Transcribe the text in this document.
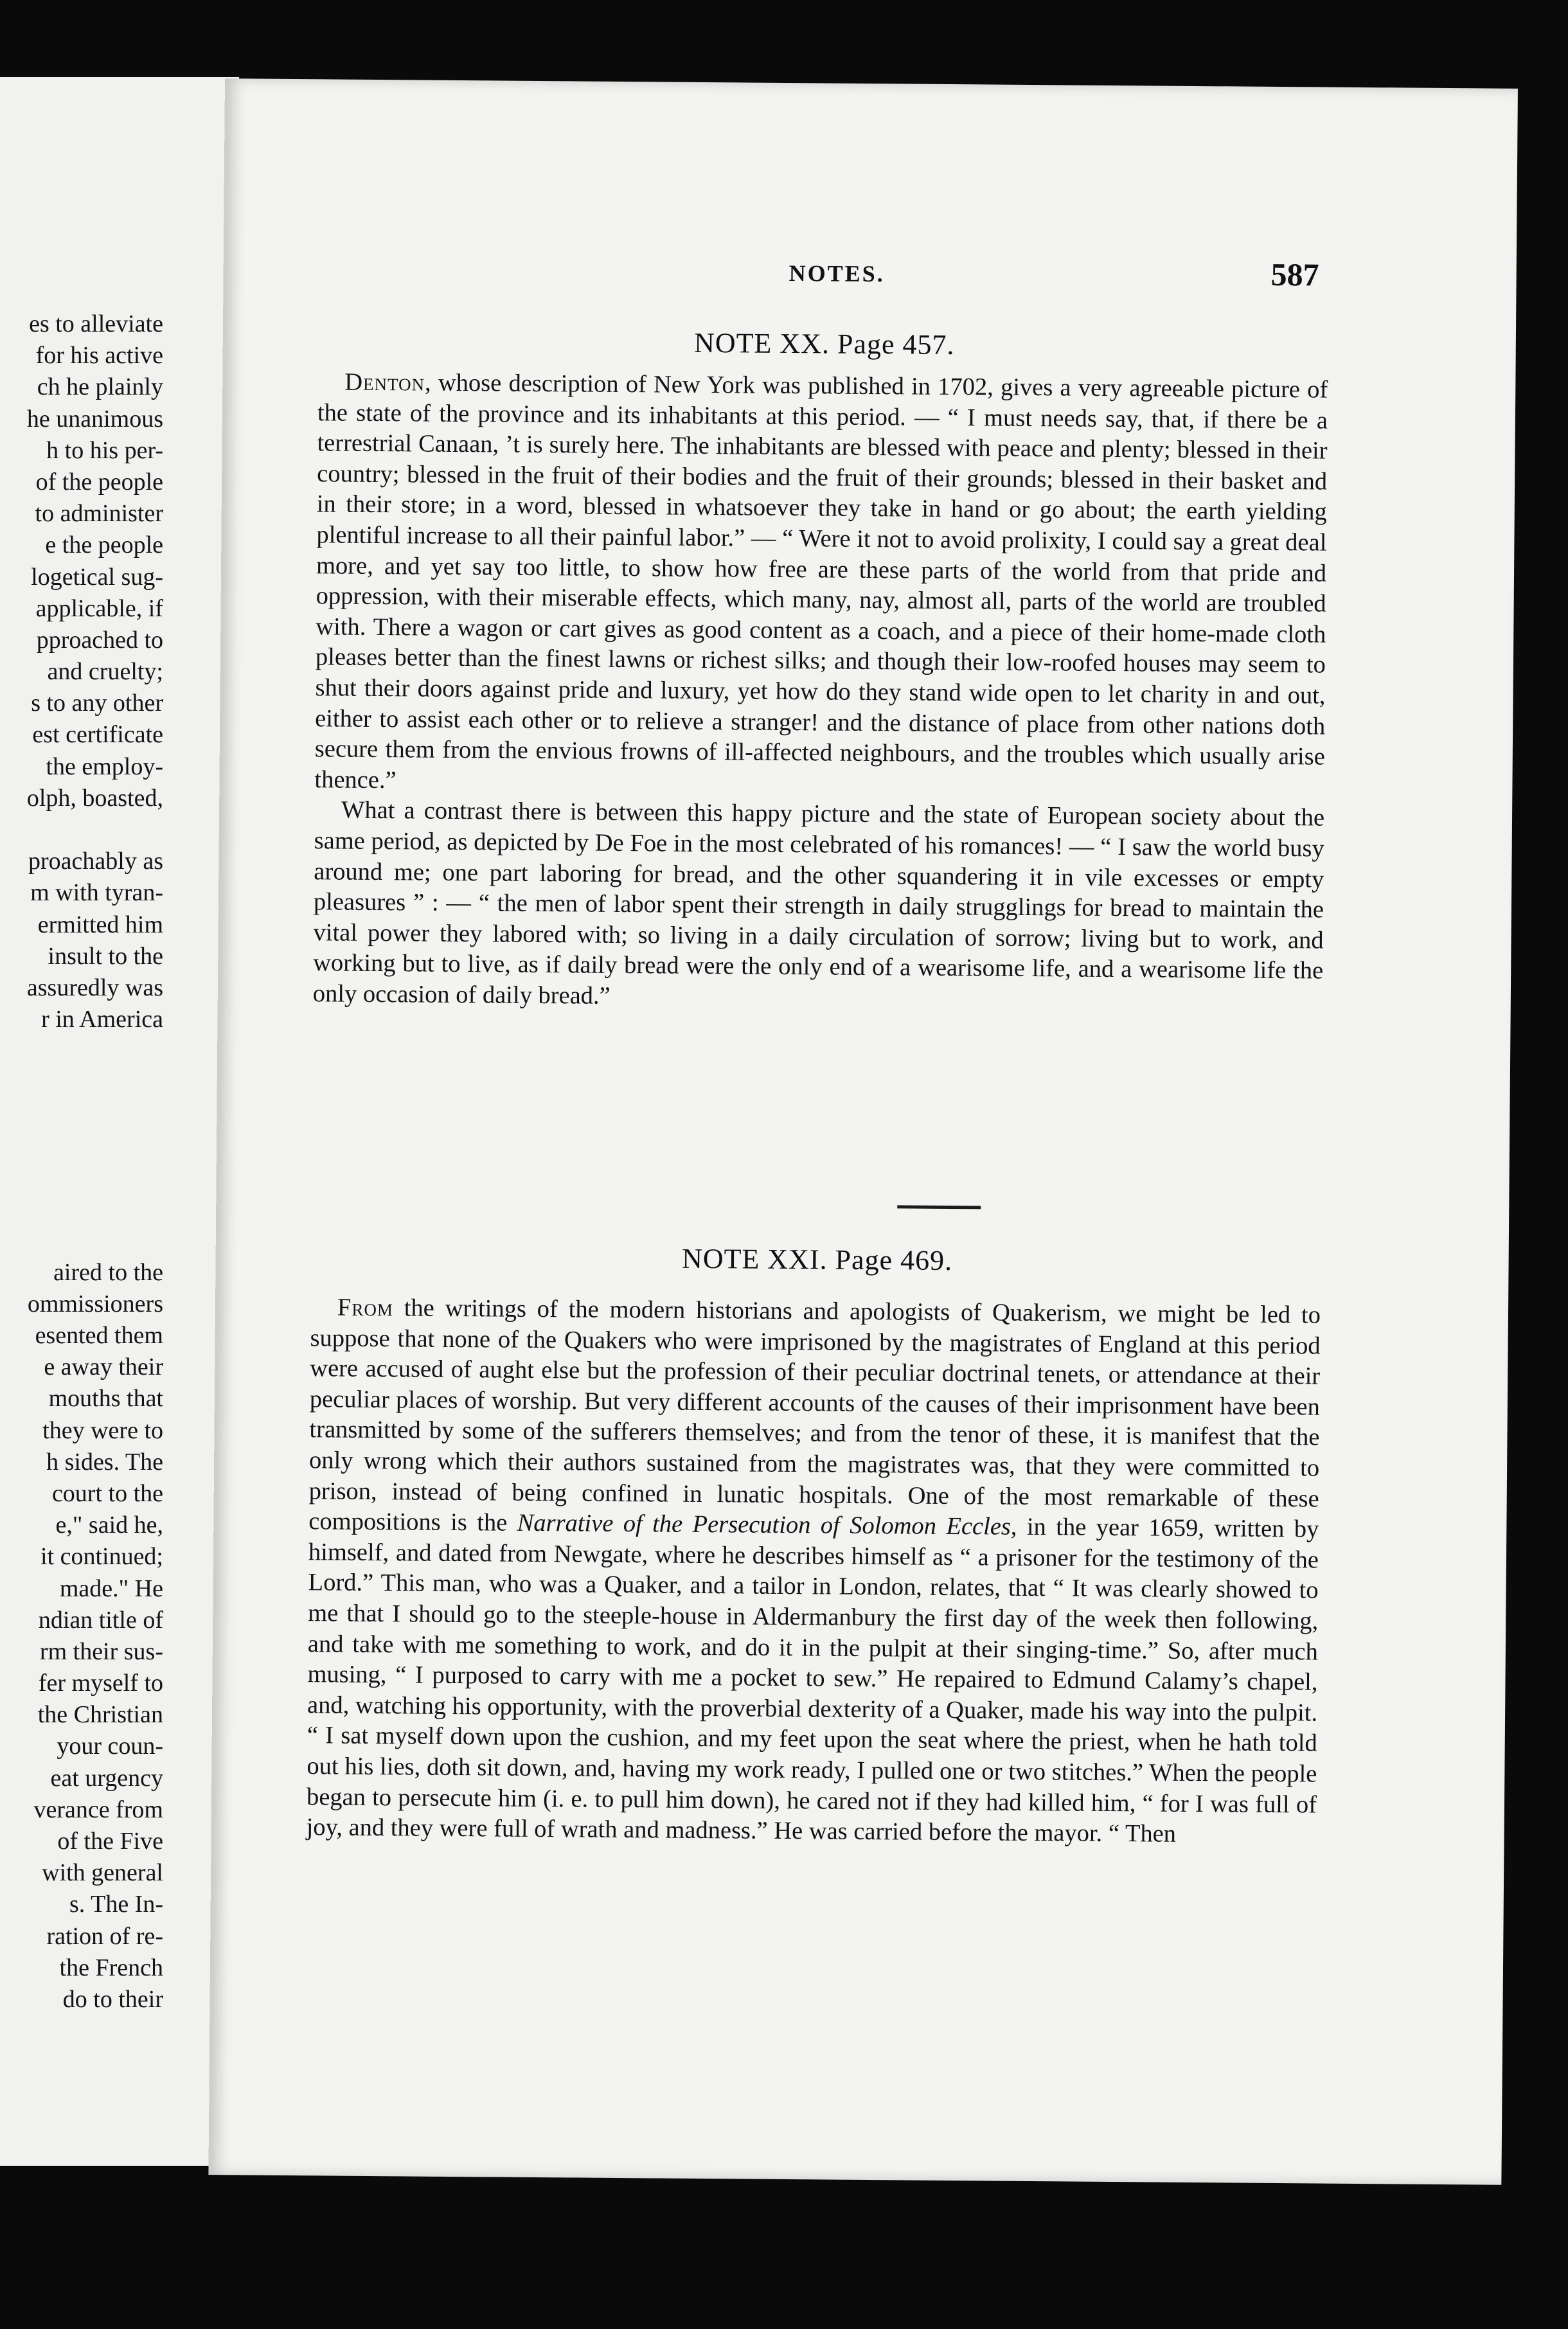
es to alleviate
for his active
ch he plainly
he unanimous
h to his per-
of the people
to administer
e the people
logetical sug-
applicable, if
pproached to
and cruelty;
s to any other
est certificate
the employ-
olph, boasted,
proachably as
m with tyran-
ermitted him
insult to the
assuredly was
r in America
aired to the
ommissioners
esented them
e away their
mouths that
they were to
h sides. The
court to the
e," said he,
it continued;
made." He
ndian title of
rm their sus-
fer myself to
the Christian
your coun-
eat urgency
verance from
of the Five
with general
s. The In-
ration of re-
the French
do to their
NOTES.	587
NOTE XX. Page 457.

Denton, whose description of New York was published in 1702, gives a very agreeable picture of the state of the province and its inhabitants at this period. — “ I must needs say, that, if there be a terrestrial Canaan, ’t is surely here. The inhabitants are blessed with peace and plenty; blessed in their country; blessed in the fruit of their bodies and the fruit of their grounds; blessed in their basket and in their store; in a word, blessed in whatsoever they take in hand or go about; the earth yielding plentiful increase to all their painful labor.” — “ Were it not to avoid prolixity, I could say a great deal more, and yet say too little, to show how free are these parts of the world from that pride and oppression, with their miserable effects, which many, nay, almost all, parts of the world are troubled with. There a wagon or cart gives as good content as a coach, and a piece of their home-made cloth pleases better than the finest lawns or richest silks; and though their low-roofed houses may seem to shut their doors against pride and luxury, yet how do they stand wide open to let charity in and out, either to assist each other or to relieve a stranger! and the distance of place from other nations doth secure them from the envious frowns of ill-affected neighbours, and the troubles which usually arise thence.”

What a contrast there is between this happy picture and the state of European society about the same period, as depicted by De Foe in the most celebrated of his romances! — “ I saw the world busy around me; one part laboring for bread, and the other squandering it in vile excesses or empty pleasures ” : — “ the men of labor spent their strength in daily strugglings for bread to maintain the vital power they labored with; so living in a daily circulation of sorrow; living but to work, and working but to live, as if daily bread were the only end of a wearisome life, and a wearisome life the only occasion of daily bread.”

NOTE XXI. Page 469.

From the writings of the modern historians and apologists of Quakerism, we might be led to suppose that none of the Quakers who were imprisoned by the magistrates of England at this period were accused of aught else but the profession of their peculiar doctrinal tenets, or attendance at their peculiar places of worship. But very different accounts of the causes of their imprisonment have been transmitted by some of the sufferers themselves; and from the tenor of these, it is manifest that the only wrong which their authors sustained from the magistrates was, that they were committed to prison, instead of being confined in lunatic hospitals. One of the most remarkable of these compositions is the Narrative of the Persecution of Solomon Eccles, in the year 1659, written by himself, and dated from Newgate, where he describes himself as “ a prisoner for the testimony of the Lord.” This man, who was a Quaker, and a tailor in London, relates, that “ It was clearly showed to me that I should go to the steeple-house in Aldermanbury the first day of the week then following, and take with me something to work, and do it in the pulpit at their singing-time.” So, after much musing, “ I purposed to carry with me a pocket to sew.” He repaired to Edmund Calamy’s chapel, and, watching his opportunity, with the proverbial dexterity of a Quaker, made his way into the pulpit. “ I sat myself down upon the cushion, and my feet upon the seat where the priest, when he hath told out his lies, doth sit down, and, having my work ready, I pulled one or two stitches.” When the people began to persecute him (i. e. to pull him down), he cared not if they had killed him, “ for I was full of joy, and they were full of wrath and madness.” He was carried before the mayor. “ Then
